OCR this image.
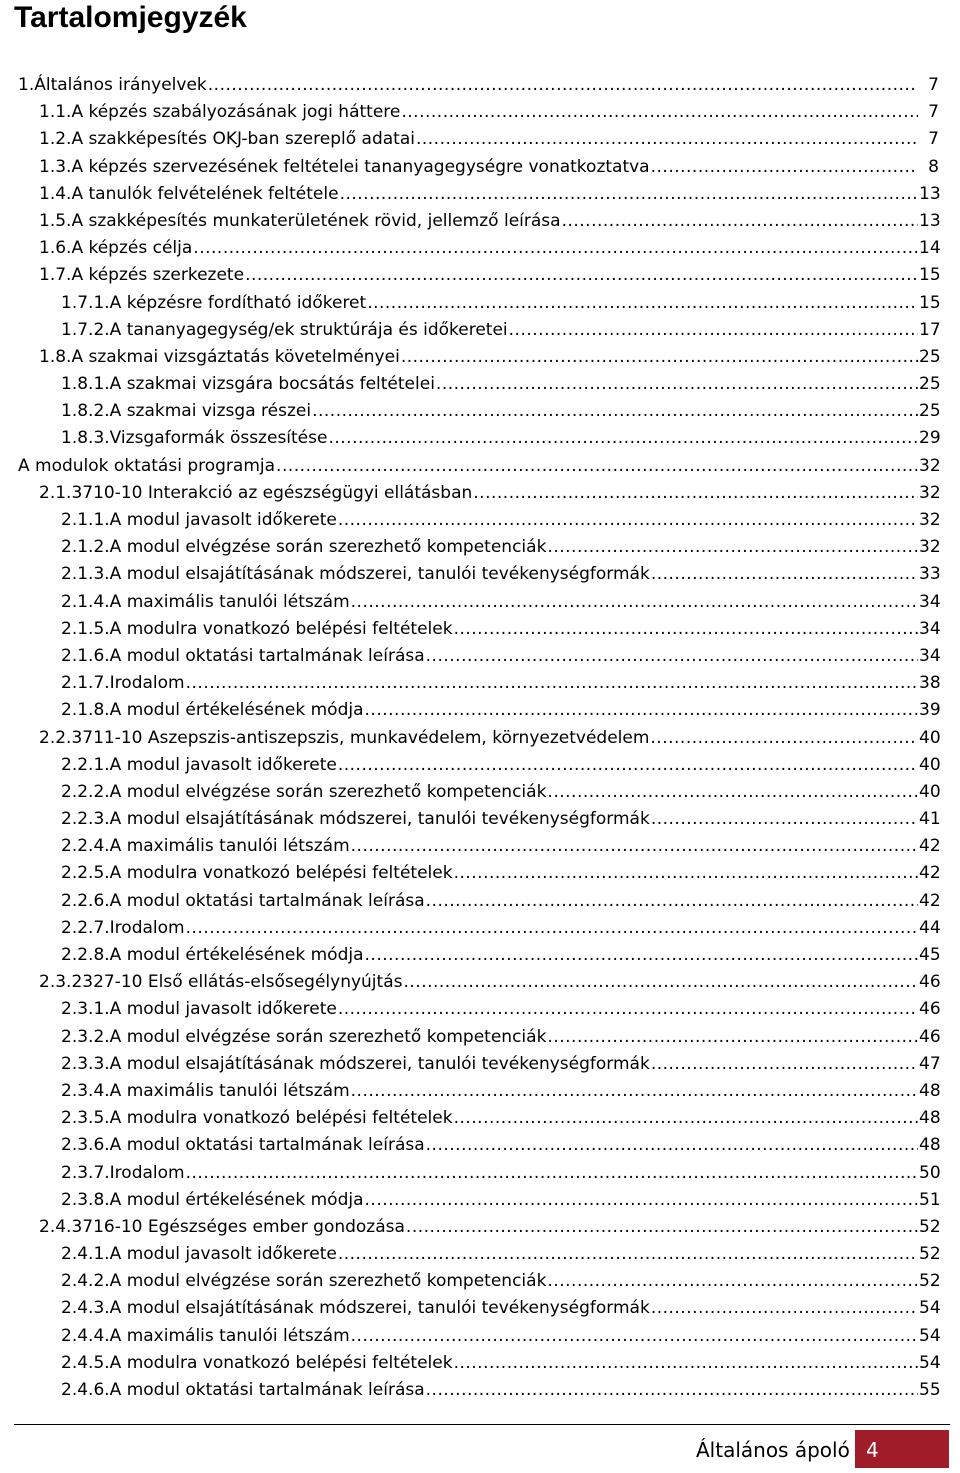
Tartalomjegyzék
1. Általános irányelvek .....	7
1.1. A képzés szabályozásának jogi háttere .....	7
1.2. A szakképesítés OKJ-ban szereplő adatai .....	7
1.3. A képzés szervezésének feltételei tananyagegységre vonatkoztatva .....	8
1.4. A tanulók felvételének feltétele .....	13
1.5. A szakképesítés munkaterületének rövid, jellemző leírása .....	13
1.6. A képzés célja .....	14
1.7. A képzés szerkezete .....	15
1.7.1. A képzésre fordítható időkeret .....	15
1.7.2. A tananyagegység/ek struktúrája és időkeretei .....	17
1.8. A szakmai vizsgáztatás követelményei .....	25
1.8.1. A szakmai vizsgára bocsátás feltételei .....	25
1.8.2. A szakmai vizsga részei .....	25
1.8.3. Vizsgaformák összesítése .....	29
A modulok oktatási programja .....	32
2.1. 3710-10 Interakció az egészségügyi ellátásban .....	32
2.1.1. A modul javasolt időkerete .....	32
2.1.2. A modul elvégzése során szerezhető kompetenciák .....	32
2.1.3. A modul elsajátításának módszerei, tanulói tevékenységformák .....	33
2.1.4. A maximális tanulói létszám .....	34
2.1.5. A modulra vonatkozó belépési feltételek .....	34
2.1.6. A modul oktatási tartalmának leírása .....	34
2.1.7. Irodalom .....	38
2.1.8. A modul értékelésének módja .....	39
2.2. 3711-10 Aszepszis-antiszepszis, munkavédelem, környezetvédelem .....	40
2.2.1. A modul javasolt időkerete .....	40
2.2.2. A modul elvégzése során szerezhető kompetenciák .....	40
2.2.3. A modul elsajátításának módszerei, tanulói tevékenységformák .....	41
2.2.4. A maximális tanulói létszám .....	42
2.2.5. A modulra vonatkozó belépési feltételek .....	42
2.2.6. A modul oktatási tartalmának leírása .....	42
2.2.7. Irodalom .....	44
2.2.8. A modul értékelésének módja .....	45
2.3. 2327-10 Első ellátás-elsősegélynyújtás .....	46
2.3.1. A modul javasolt időkerete .....	46
2.3.2. A modul elvégzése során szerezhető kompetenciák .....	46
2.3.3. A modul elsajátításának módszerei, tanulói tevékenységformák .....	47
2.3.4. A maximális tanulói létszám .....	48
2.3.5. A modulra vonatkozó belépési feltételek .....	48
2.3.6. A modul oktatási tartalmának leírása .....	48
2.3.7. Irodalom .....	50
2.3.8. A modul értékelésének módja .....	51
2.4. 3716-10 Egészséges ember gondozása .....	52
2.4.1. A modul javasolt időkerete .....	52
2.4.2. A modul elvégzése során szerezhető kompetenciák .....	52
2.4.3. A modul elsajátításának módszerei, tanulói tevékenységformák .....	54
2.4.4. A maximális tanulói létszám .....	54
2.4.5. A modulra vonatkozó belépési feltételek .....	54
2.4.6. A modul oktatási tartalmának leírása .....	55
Általános ápoló 4
